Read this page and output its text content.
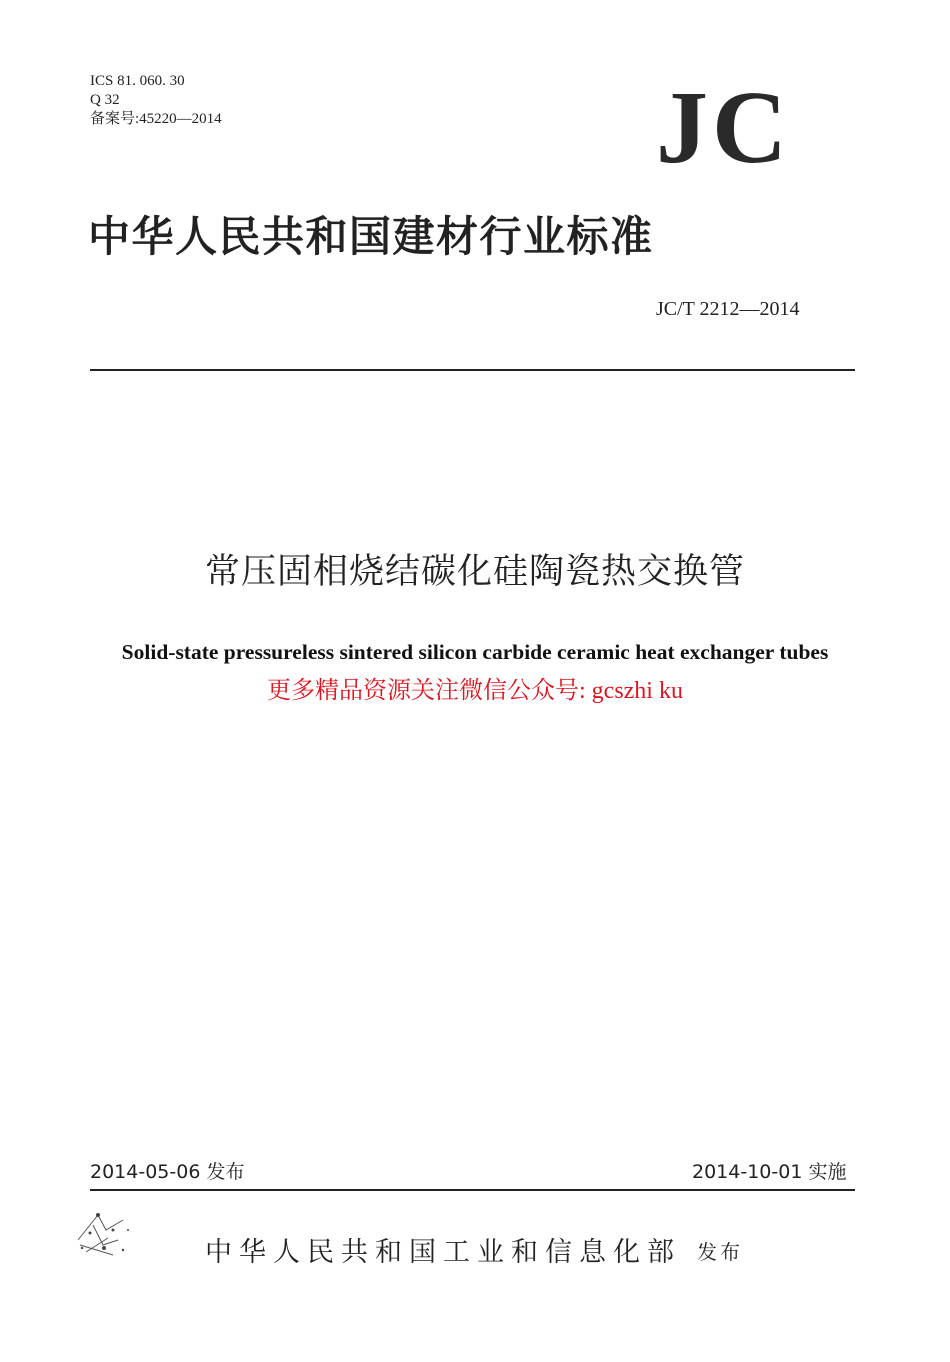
ICS 81. 060. 30
Q 32
备案号:45220—2014	JC
中华人民共和国建材行业标准
JC/T 2212—2014
常压固相烧结碳化硅陶瓷热交换管
Solid-state pressureless sintered silicon carbide ceramic heat exchanger tubes
更多精品资源关注微信公众号: gcszhi ku
2014-05-06 发布	2014-10-01 实施
中华人民共和国工业和信息化部 发布
